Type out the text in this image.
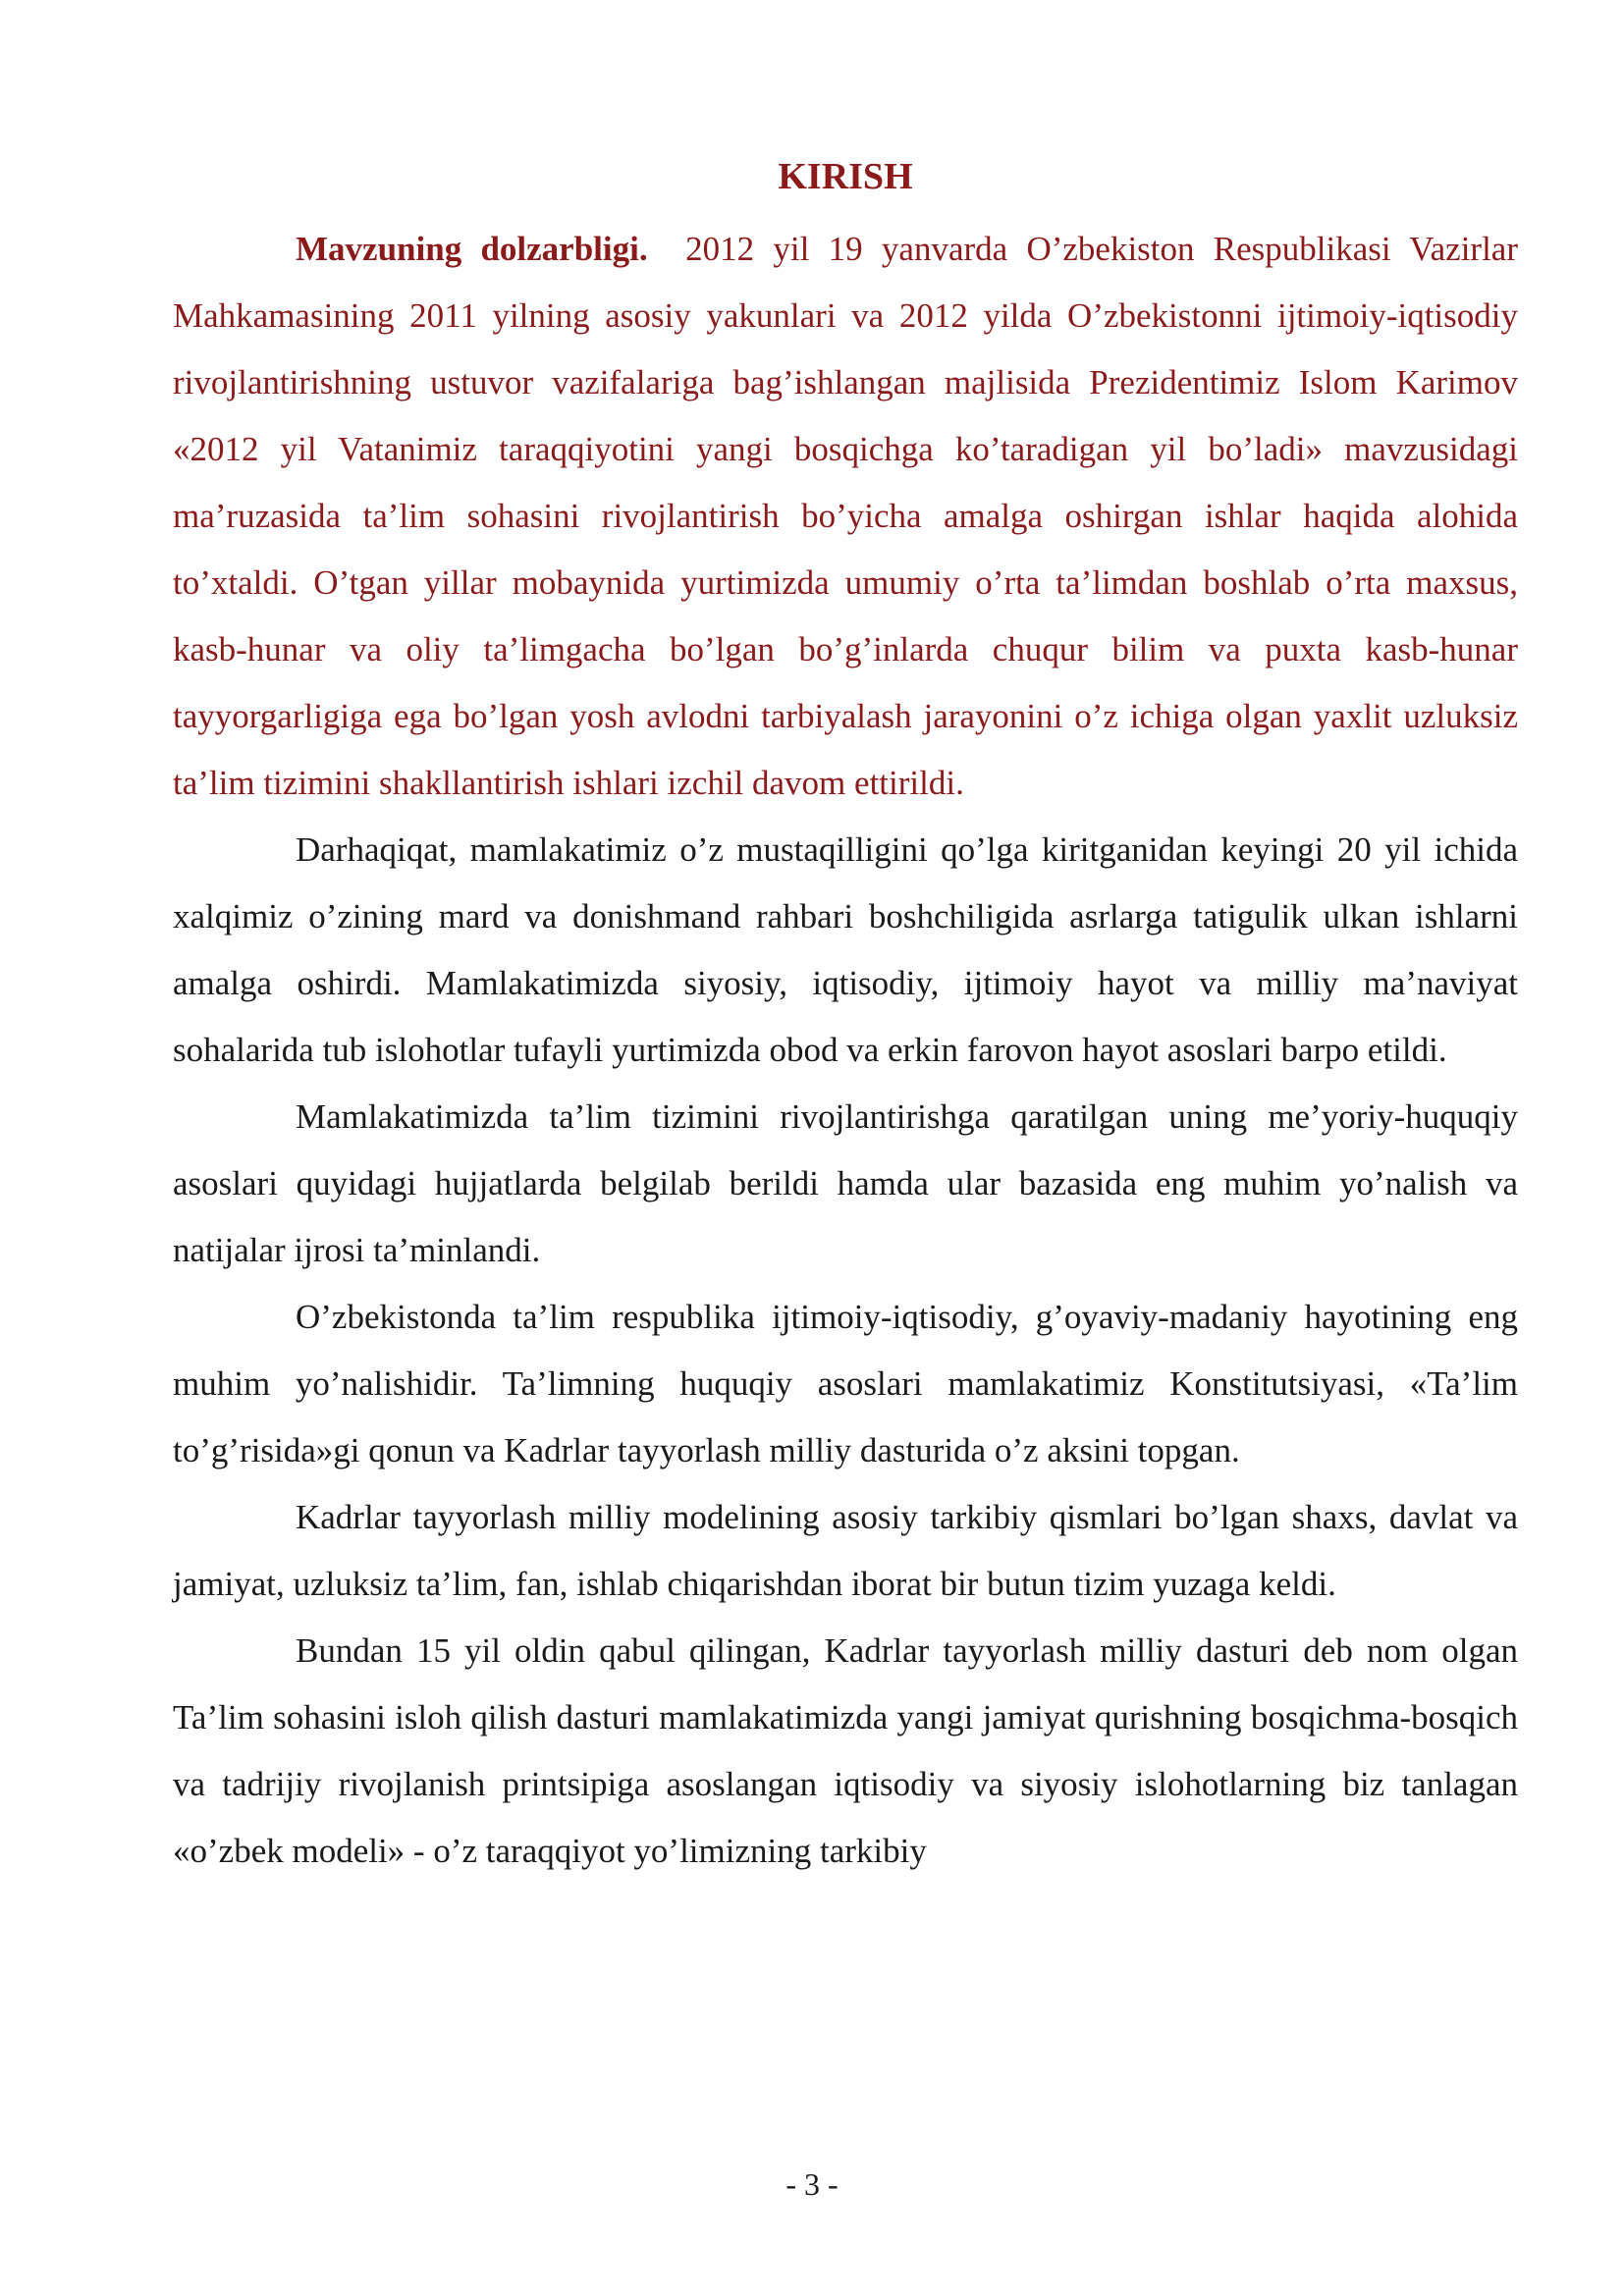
KIRISH

Mavzuning dolzarbligi. 2012 yil 19 yanvarda O’zbekiston Respublikasi Vazirlar Mahkamasining 2011 yilning asosiy yakunlari va 2012 yilda O’zbekistonni ijtimoiy-iqtisodiy rivojlantirishning ustuvor vazifalariga bag’ishlangan majlisida Prezidentimiz Islom Karimov «2012 yil Vatanimiz taraqqiyotini yangi bosqichga ko’taradigan yil bo’ladi» mavzusidagi ma’ruzasida ta’lim sohasini rivojlantirish bo’yicha amalga oshirgan ishlar haqida alohida to’xtaldi. O’tgan yillar mobaynida yurtimizda umumiy o’rta ta’limdan boshlab o’rta maxsus, kasb-hunar va oliy ta’limgacha bo’lgan bo’g’inlarda chuqur bilim va puxta kasb-hunar tayyorgarligiga ega bo’lgan yosh avlodni tarbiyalash jarayonini o’z ichiga olgan yaxlit uzluksiz ta’lim tizimini shakllantirish ishlari izchil davom ettirildi.

Darhaqiqat, mamlakatimiz o’z mustaqilligini qo’lga kiritganidan keyingi 20 yil ichida xalqimiz o’zining mard va donishmand rahbari boshchiligida asrlarga tatigulik ulkan ishlarni amalga oshirdi. Mamlakatimizda siyosiy, iqtisodiy, ijtimoiy hayot va milliy ma’naviyat sohalarida tub islohotlar tufayli yurtimizda obod va erkin farovon hayot asoslari barpo etildi.

Mamlakatimizda ta’lim tizimini rivojlantirishga qaratilgan uning me’yoriy-huquqiy asoslari quyidagi hujjatlarda belgilab berildi hamda ular bazasida eng muhim yo’nalish va natijalar ijrosi ta’minlandi.

O’zbekistonda ta’lim respublika ijtimoiy-iqtisodiy, g’oyaviy-madaniy hayotining eng muhim yo’nalishidir. Ta’limning huquqiy asoslari mamlakatimiz Konstitutsiyasi, «Ta’lim to’g’risida»gi qonun va Kadrlar tayyorlash milliy dasturida o’z aksini topgan.

Kadrlar tayyorlash milliy modelining asosiy tarkibiy qismlari bo’lgan shaxs, davlat va jamiyat, uzluksiz ta’lim, fan, ishlab chiqarishdan iborat bir butun tizim yuzaga keldi.

Bundan 15 yil oldin qabul qilingan, Kadrlar tayyorlash milliy dasturi deb nom olgan Ta’lim sohasini isloh qilish dasturi mamlakatimizda yangi jamiyat qurishning bosqichma-bosqich va tadrijiy rivojlanish printsipiga asoslangan iqtisodiy va siyosiy islohotlarning biz tanlagan «o’zbek modeli» - o’z taraqqiyot yo’limizning tarkibiy

- 3 -
